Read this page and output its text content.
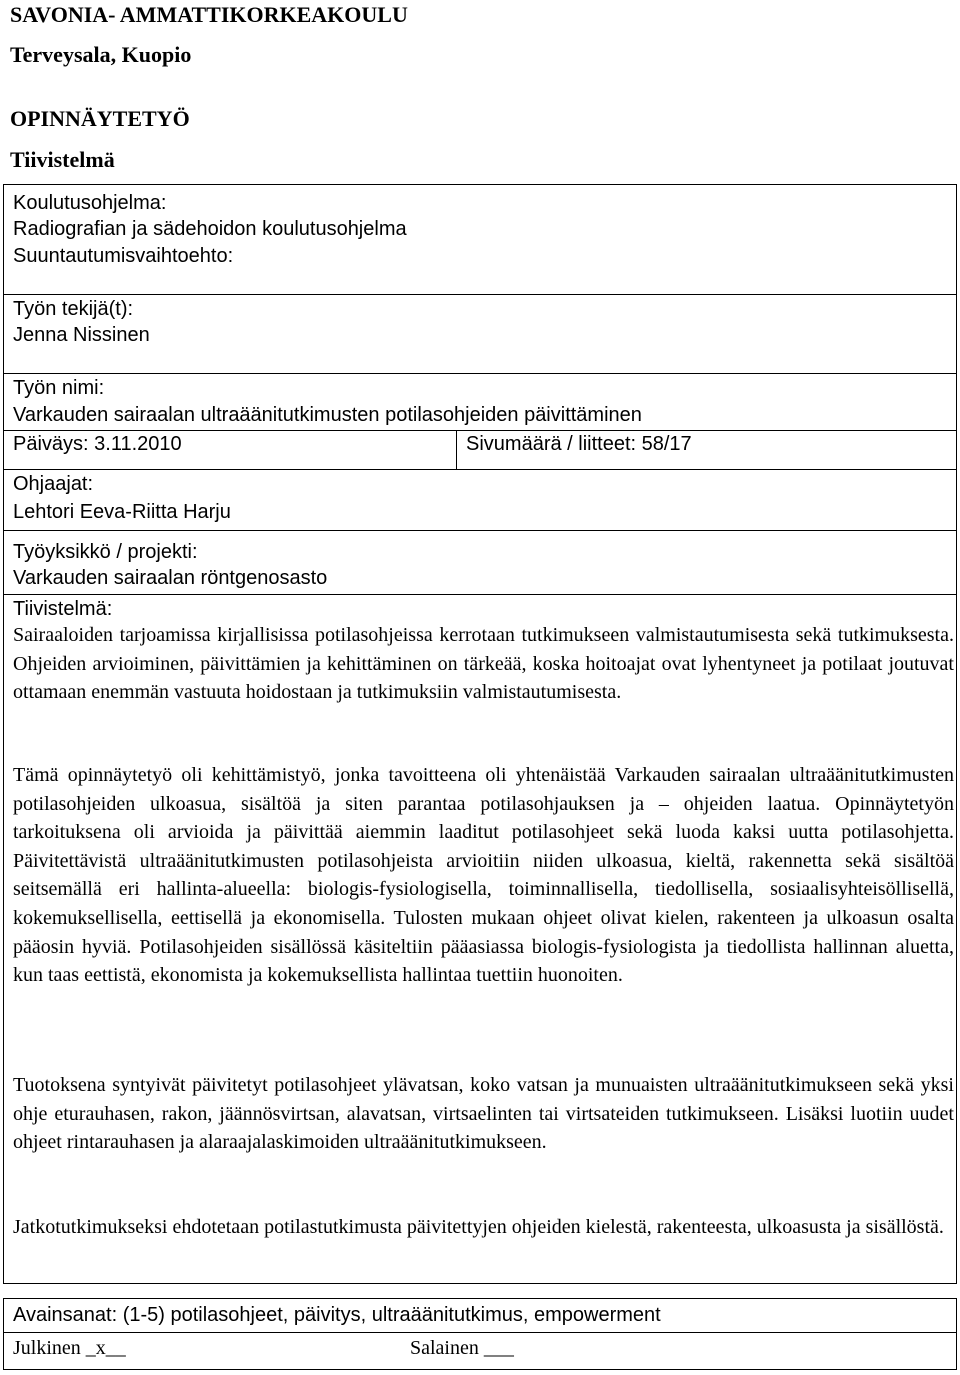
SAVONIA- AMMATTIKORKEAKOULU
Terveysala, Kuopio
OPINNÄYTETYÖ
Tiivistelmä
Koulutusohjelma:
Radiografian ja sädehoidon koulutusohjelma
Suuntautumisvaihtoehto:
Työn tekijä(t):
Jenna Nissinen
Työn nimi:
Varkauden sairaalan ultraäänitutkimusten potilasohjeiden päivittäminen
Päiväys: 3.11.2010	Sivumäärä / liitteet: 58/17
Ohjaajat:
Lehtori Eeva-Riitta Harju
Työyksikkö / projekti:
Varkauden sairaalan röntgenosasto
Tiivistelmä:

Sairaaloiden tarjoamissa kirjallisissa potilasohjeissa kerrotaan tutkimukseen valmistautumisesta sekä tutkimuksesta. Ohjeiden arvioiminen, päivittämien ja kehittäminen on tärkeää, koska hoitoajat ovat lyhentyneet ja potilaat joutuvat ottamaan enemmän vastuuta hoidostaan ja tutkimuksiin valmistautumisesta.

Tämä opinnäytetyö oli kehittämistyö, jonka tavoitteena oli yhtenäistää Varkauden sairaalan ultraäänitutkimusten potilasohjeiden ulkoasua, sisältöä ja siten parantaa potilasohjauksen ja – ohjeiden laatua. Opinnäytetyön tarkoituksena oli arvioida ja päivittää aiemmin laaditut potilasohjeet sekä luoda kaksi uutta potilasohjetta. Päivitettävistä ultraäänitutkimusten potilasohjeista arvioitiin niiden ulkoasua, kieltä, rakennetta sekä sisältöä seitsemällä eri hallinta-alueella: biologis-fysiologisella, toiminnallisella, tiedollisella, sosiaalisyhteisöllisellä, kokemuksellisella, eettisellä ja ekonomisella. Tulosten mukaan ohjeet olivat kielen, rakenteen ja ulkoasun osalta pääosin hyviä. Potilasohjeiden sisällössä käsiteltiin pääasiassa biologis-fysiologista ja tiedollista hallinnan aluetta, kun taas eettistä, ekonomista ja kokemuksellista hallintaa tuettiin huonoiten.

Tuotoksena syntyivät päivitetyt potilasohjeet ylävatsan, koko vatsan ja munuaisten ultraäänitutkimukseen sekä yksi ohje eturauhasen, rakon, jäännösvirtsan, alavatsan, virtsaelinten tai virtsateiden tutkimukseen. Lisäksi luotiin uudet ohjeet rintarauhasen ja alaraajalaskimoiden ultraäänitutkimukseen.

Jatkotutkimukseksi ehdotetaan potilastutkimusta päivitettyjen ohjeiden kielestä, rakenteesta, ulkoasusta ja sisällöstä.

Avainsanat: (1-5) potilasohjeet, päivitys, ultraäänitutkimus, empowerment
Julkinen _x__	Salainen ___
